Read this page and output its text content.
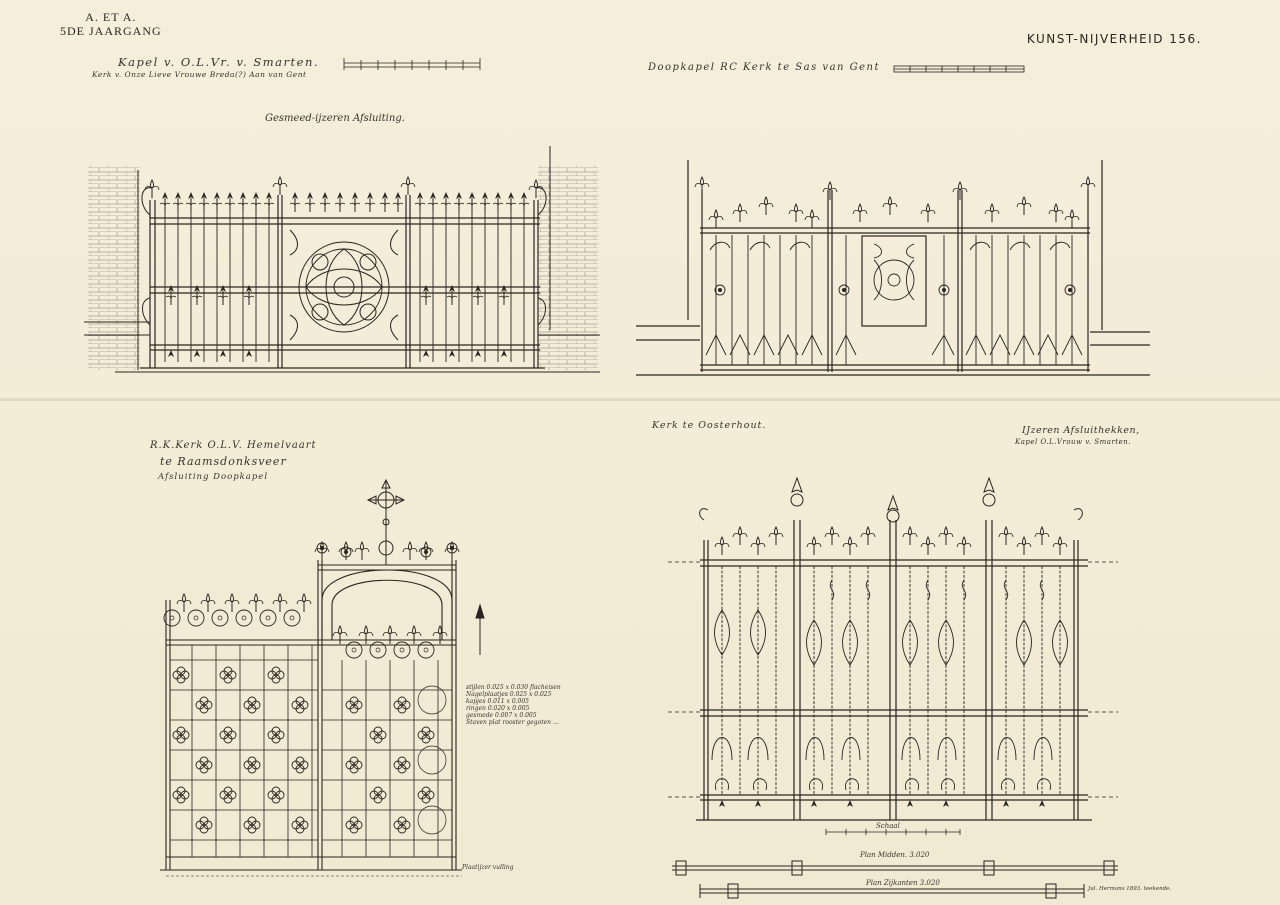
A. ET A.
5DE JAARGANG
KUNST-NIJVERHEID 156.
Kapel v. O.L.Vr. v. Smarten.
Kerk v. Onze Lieve Vrouwe Breda(?) Aan van Gent
Gesmeed-ijzeren Afsluiting.
Doopkapel RC Kerk te Sas van Gent
R.K.Kerk O.L.V. Hemelvaart
te Raamsdonksveer
Afsluiting Doopkapel
Kerk te Oosterhout.	IJzeren Afsluithekken,
Kapel O.L.Vrouw v. Smarten.
stijlen 0.025 x 0.030 flacheisen
Nagelplaatjes 0.025 x 0.025
kapjes 0.011 x 0.005
ringen 0.020 x 0.005
gesmede 0.007 x 0.005
Staven plat rooster gegoten ...
Plaatijzer vulling
Schaal
Plan Midden. 3.020
Plan Zijkanten 3.020
Jul. Hermans 1893. teekende.
